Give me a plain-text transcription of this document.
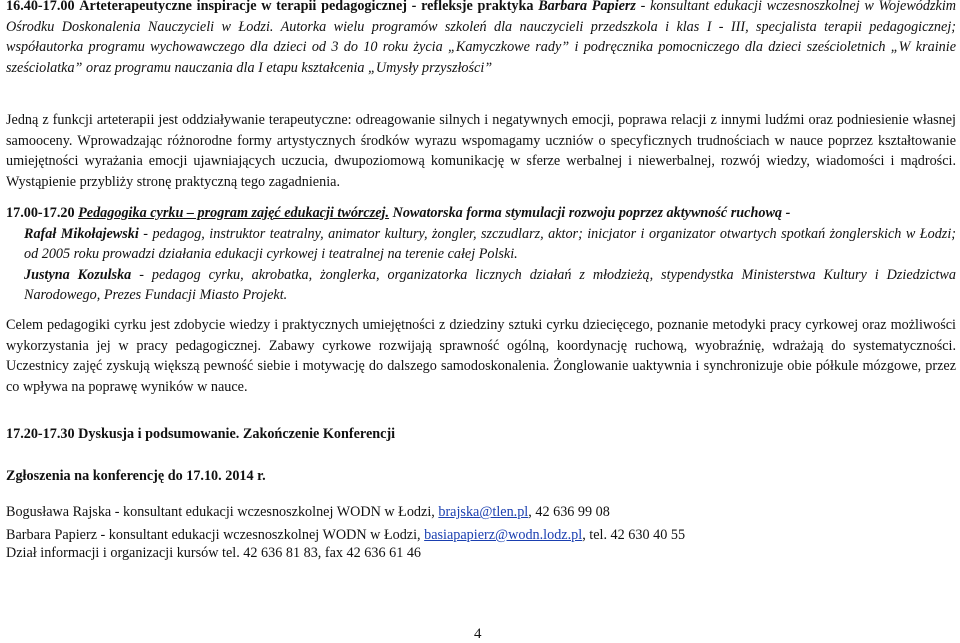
16.40-17.00 Arteterapeutyczne inspiracje w terapii pedagogicznej - refleksje praktyka Barbara Papierz - konsultant edukacji wczesnoszkolnej w Wojewódzkim Ośrodku Doskonalenia Nauczycieli w Łodzi. Autorka wielu programów szkoleń dla nauczycieli przedszkola i klas I - III, specjalista terapii pedagogicznej; współautorka programu wychowawczego dla dzieci od 3 do 10 roku życia „Kamyczkowe rady” i podręcznika pomocniczego dla dzieci sześcioletnich „W krainie sześciolatka” oraz programu nauczania dla I etapu kształcenia „Umysły przyszłości”

Jedną z funkcji arteterapii jest oddziaływanie terapeutyczne: odreagowanie silnych i negatywnych emocji, poprawa relacji z innymi ludźmi oraz podniesienie własnej samooceny. Wprowadzając różnorodne formy artystycznych środków wyrazu wspomagamy uczniów o specyficznych trudnościach w nauce poprzez kształtowanie umiejętności wyrażania emocji ujawniających uczucia, dwupoziomową komunikację w sferze werbalnej i niewerbalnej, rozwój wiedzy, wiadomości i mądrości. Wystąpienie przybliży stronę praktyczną tego zagadnienia.

17.00-17.20 Pedagogika cyrku – program zajęć edukacji twórczej. Nowatorska forma stymulacji rozwoju poprzez aktywność ruchową -

Rafał Mikołajewski - pedagog, instruktor teatralny, animator kultury, żongler, szczudlarz, aktor; inicjator i organizator otwartych spotkań żonglerskich w Łodzi; od 2005 roku prowadzi działania edukacji cyrkowej i teatralnej na terenie całej Polski.

Justyna Kozulska - pedagog cyrku, akrobatka, żonglerka, organizatorka licznych działań z młodzieżą, stypendystka Ministerstwa Kultury i Dziedzictwa Narodowego, Prezes Fundacji Miasto Projekt.

Celem pedagogiki cyrku jest zdobycie wiedzy i praktycznych umiejętności z dziedziny sztuki cyrku dziecięcego, poznanie metodyki pracy cyrkowej oraz możliwości wykorzystania jej w pracy pedagogicznej. Zabawy cyrkowe rozwijają sprawność ogólną, koordynację ruchową, wyobraźnię, wdrażają do systematyczności. Uczestnicy zajęć zyskują większą pewność siebie i motywację do dalszego samodoskonalenia. Żonglowanie uaktywnia i synchronizuje obie półkule mózgowe, przez co wpływa na poprawę wyników w nauce.

17.20-17.30 Dyskusja i podsumowanie. Zakończenie Konferencji

Zgłoszenia na konferencję do 17.10. 2014 r.

Bogusława Rajska - konsultant edukacji wczesnoszkolnej WODN w Łodzi, brajska@tlen.pl, 42 636 99 08

Barbara Papierz - konsultant edukacji wczesnoszkolnej WODN w Łodzi, basiapapierz@wodn.lodz.pl, tel. 42 630 40 55

Dział informacji i organizacji kursów tel. 42 636 81 83, fax 42 636 61 46

4
